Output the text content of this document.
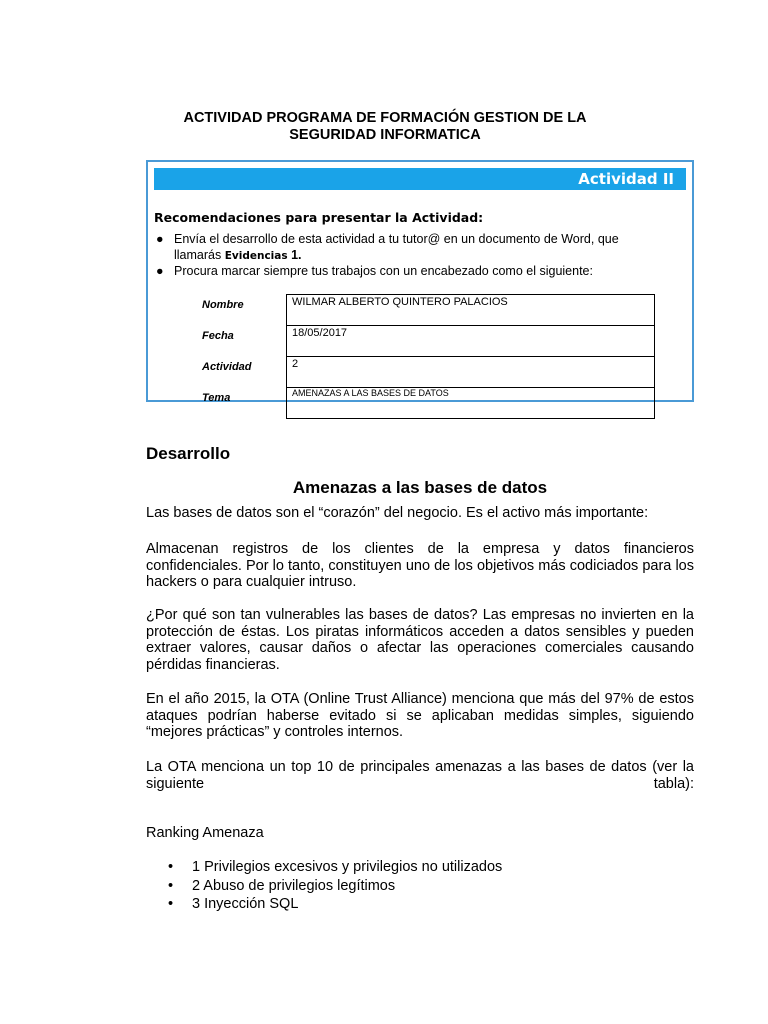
ACTIVIDAD PROGRAMA DE FORMACIÓN GESTION DE LA SEGURIDAD INFORMATICA
Actividad II
Recomendaciones para presentar la Actividad:
● Envía el desarrollo de esta actividad a tu tutor@ en un documento de Word, que llamarás Evidencias 1.
● Procura marcar siempre tus trabajos con un encabezado como el siguiente:
Nombre	WILMAR ALBERTO QUINTERO PALACIOS
Fecha	18/05/2017
Actividad	2
Tema	AMENAZAS A LAS BASES DE DATOS
Desarrollo
Amenazas a las bases de datos
Las bases de datos son el “corazón” del negocio. Es el activo más importante:
Almacenan registros de los clientes de la empresa y datos financieros confidenciales. Por lo tanto, constituyen uno de los objetivos más codiciados para los hackers o para cualquier intruso.
¿Por qué son tan vulnerables las bases de datos? Las empresas no invierten en la protección de éstas. Los piratas informáticos acceden a datos sensibles y pueden extraer valores, causar daños o afectar las operaciones comerciales causando pérdidas financieras.
En el año 2015, la OTA (Online Trust Alliance) menciona que más del 97% de estos ataques podrían haberse evitado si se aplicaban medidas simples, siguiendo “mejores prácticas” y controles internos.
La OTA menciona un top 10 de principales amenazas a las bases de datos (ver la siguiente tabla):
Ranking Amenaza
• 1 Privilegios excesivos y privilegios no utilizados
• 2 Abuso de privilegios legítimos
• 3 Inyección SQL
